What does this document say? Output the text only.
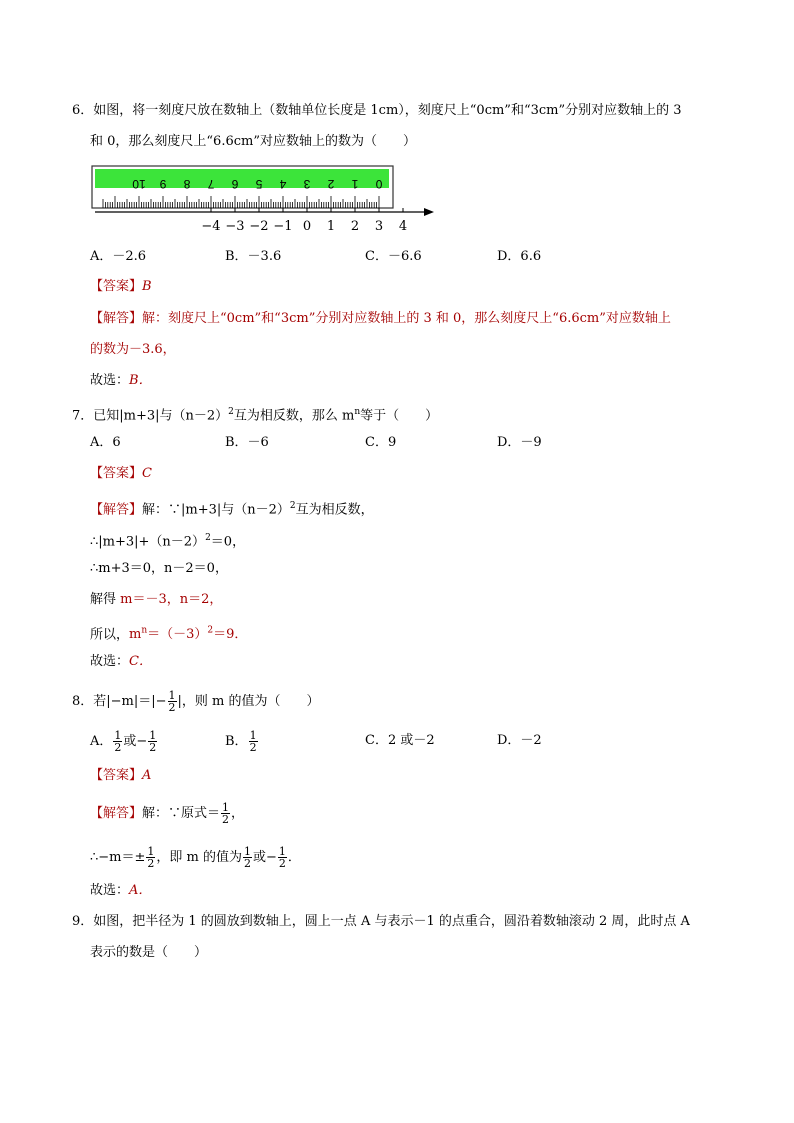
6．如图，将一刻度尺放在数轴上（数轴单位长度是 1cm），刻度尺上“0cm”和“3cm”分别对应数轴上的 3
和 0，那么刻度尺上“6.6cm”对应数轴上的数为（　　）
10 9 8 7 6 5 4 3 2 1 0
−4 −3 −2 −1 0 1 2 3 4
A．－2.6	B．－3.6	C．－6.6	D．6.6
【答案】B
【解答】解：刻度尺上“0cm”和“3cm”分别对应数轴上的 3 和 0，那么刻度尺上“6.6cm”对应数轴上
的数为－3.6，
故选：B．
7．已知|m+3|与$(n-2)^2$互为相反数，那么 $m^n$等于（　　）
A．6	B．－6	C．9	D．－9
【答案】C
【解答】解：∵|m+3|与$(n-2)^2$互为相反数，
$\therefore|m+3|+(n-2)^2=0$，
∴m+3＝0，n－2＝0，
解得 m＝－3，n＝2，
所以，$m^n=(-3)^2=9$．
故选：C．
8．若$|-m|=|- \frac{1}{2}$ |，则 m 的值为（　　）
A． $\frac{1}{2}$ 或− $\frac{1}{2}$	B． $\frac{1}{2}$	C．2 或－2	D．－2
【答案】A
【解答】解：∵原式＝ $\frac{1}{2}$ ，
∴−m＝± $\frac{1}{2}$ ，即 m 的值为 $\frac{1}{2}$ 或− $\frac{1}{2}$ ．
故选：A．
9．如图，把半径为 1 的圆放到数轴上，圆上一点 A 与表示－1 的点重合，圆沿着数轴滚动 2 周，此时点 A
表示的数是（　　）
